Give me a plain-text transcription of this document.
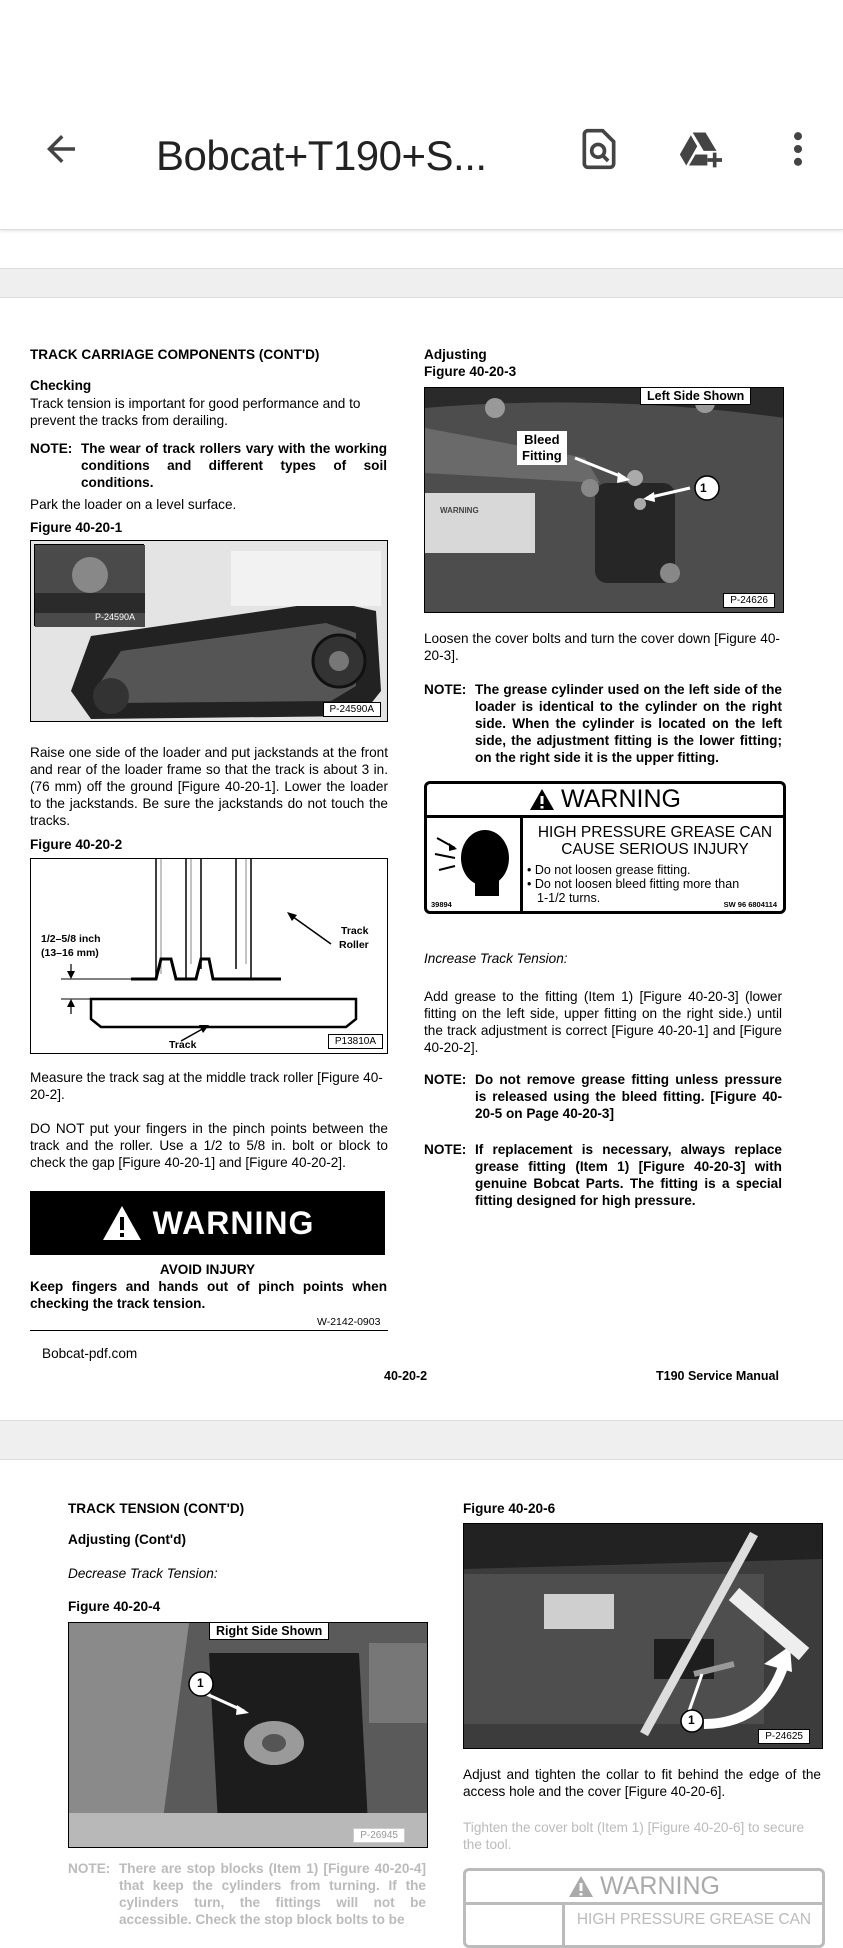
Bobcat+T190+S...
TRACK CARRIAGE COMPONENTS (CONT'D)
Checking
Track tension is important for good performance and to prevent the tracks from derailing.
NOTE: The wear of track rollers vary with the working conditions and different types of soil conditions.
Park the loader on a level surface.
Figure 40-20-1
P-24590A
P-24590A
Raise one side of the loader and put jackstands at the front and rear of the loader frame so that the track is about 3 in. (76 mm) off the ground [Figure 40-20-1]. Lower the loader to the jackstands. Be sure the jackstands do not touch the tracks.
Figure 40-20-2
1/2–5/8 inch
(13–16 mm)
Track
Roller
Track	P13810A
Measure the track sag at the middle track roller [Figure 40-20-2].
DO NOT put your fingers in the pinch points between the track and the roller. Use a 1/2 to 5/8 in. bolt or block to check the gap [Figure 40-20-1] and [Figure 40-20-2].
WARNING
AVOID INJURY
Keep fingers and hands out of pinch points when checking the track tension.
W-2142-0903
Bobcat-pdf.com
Adjusting
Figure 40-20-3
WARNING
1
Left Side Shown
Bleed
Fitting
P-24626
Loosen the cover bolts and turn the cover down [Figure 40-20-3].
NOTE: The grease cylinder used on the left side of the loader is identical to the cylinder on the right side. When the cylinder is located on the left side, the adjustment fitting is the lower fitting; on the right side it is the upper fitting.
WARNING
39894
HIGH PRESSURE GREASE CAN
CAUSE SERIOUS INJURY
• Do not loosen grease fitting.
• Do not loosen bleed fitting more than
1-1/2 turns.	SW 96 6804114
Increase Track Tension:
Add grease to the fitting (Item 1) [Figure 40-20-3] (lower fitting on the left side, upper fitting on the right side.) until the track adjustment is correct [Figure 40-20-1] and [Figure 40-20-2].
NOTE: Do not remove grease fitting unless pressure is released using the bleed fitting. [Figure 40-20-5 on Page 40-20-3]
NOTE: If replacement is necessary, always replace grease fitting (Item 1) [Figure 40-20-3] with genuine Bobcat Parts. The fitting is a special fitting designed for high pressure.
40-20-2	T190 Service Manual
TRACK TENSION (CONT'D)
Adjusting (Cont'd)
Decrease Track Tension:
Figure 40-20-4
1
Right Side Shown
P-26945
NOTE: There are stop blocks (Item 1) [Figure 40-20-4] that keep the cylinders from turning. If the cylinders turn, the fittings will not be accessible. Check the stop block bolts to be
Figure 40-20-6
1
P-24625
Adjust and tighten the collar to fit behind the edge of the access hole and the cover [Figure 40-20-6].
Tighten the cover bolt (Item 1) [Figure 40-20-6] to secure the tool.
WARNING
HIGH PRESSURE GREASE CAN
